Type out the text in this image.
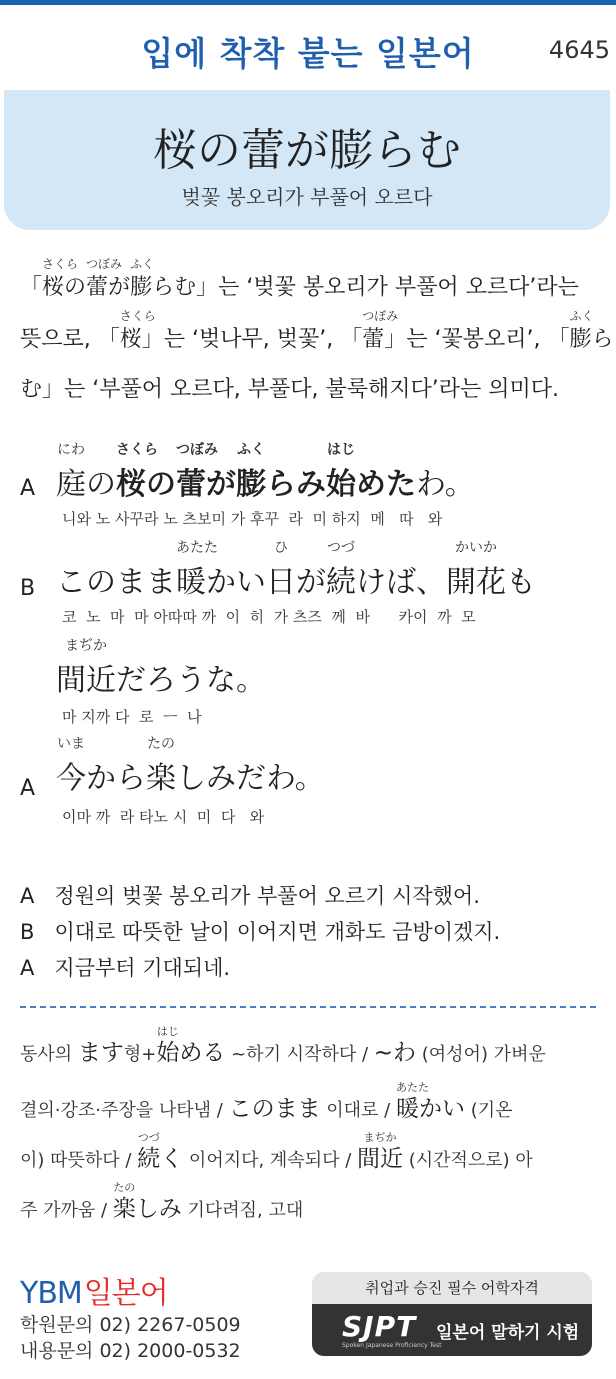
입에 착착 붙는 일본어	4645
桜の蕾が膨らむ
벚꽃 봉오리가 부풀어 오르다
「桜
さくら
の蕾
つぼみ
が膨
ふく
らむ」는 ‘벚꽃 봉오리가 부풀어 오르다’라는
뜻으로, 「桜
さくら
」는 ‘벚나무, 벚꽃’, 「蕾
つぼみ
」는 ‘꽃봉오리’, 「膨
ふく
ら
む」는 ‘부풀어 오르다, 부풀다, 불룩해지다’라는 의미다.
A 庭
にわ
の桜
さくら
の蕾
つぼみ
が膨
ふく
らみ始
はじ
めたわ。
니와 노 사꾸라 노 츠보미 가 후꾸  라  미 하지  메   따   와
B このまま暖
あたた
かい日
ひ
が続
つづ
けば、開花
かいか
も
코  노  마  마 아따따 까  이  히  가 츠즈  께  바      카이  까  모
間近
まぢか
だろうな。
마 지까 다  로  ㅡ  나
A 今
いま
から楽
たの
しみだわ。
이마 까  라 타노 시  미  다   와
A 정원의 벚꽃 봉오리가 부풀어 오르기 시작했어.
B 이대로 따뜻한 날이 이어지면 개화도 금방이겠지.
A 지금부터 기대되네.
동사의 ます형+始
はじ
める ~하기 시작하다 / ~わ (여성어) 가벼운
결의·강조·주장을 나타냄 / このまま 이대로 / 暖
あたた
かい (기온
이) 따뜻하다 / 続
つづ
く 이어지다, 계속되다 / 間近
まぢか
(시간적으로) 아
주 가까움 / 楽
たの
しみ 기다려짐, 고대
YBM일본어
학원문의 02) 2267-0509
내용문의 02) 2000-0532
취업과 승진 필수 어학자격
SJPT
Spoken Japanese Proficiency Test
일본어 말하기 시험
